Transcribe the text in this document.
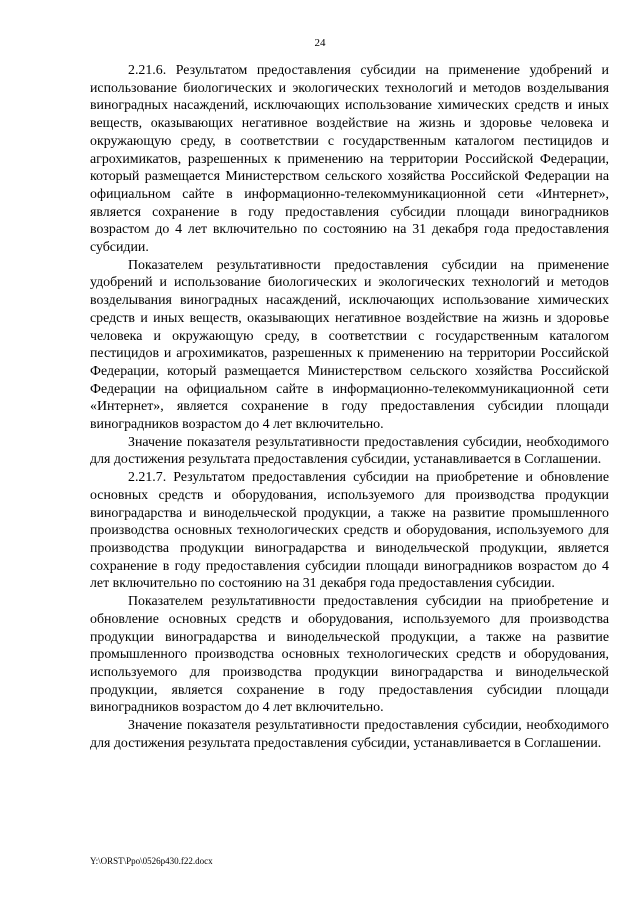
24

2.21.6. Результатом предоставления субсидии на применение удобрений и использование биологических и экологических технологий и методов возделывания виноградных насаждений, исключающих использование химических средств и иных веществ, оказывающих негативное воздействие на жизнь и здоровье человека и окружающую среду, в соответствии с государственным каталогом пестицидов и агрохимикатов, разрешенных к применению на территории Российской Федерации, который размещается Министерством сельского хозяйства Российской Федерации на официальном сайте в информационно-телекоммуникационной сети «Интернет», является сохранение в году предоставления субсидии площади виноградников возрастом до 4 лет включительно по состоянию на 31 декабря года предоставления субсидии.

Показателем результативности предоставления субсидии на применение удобрений и использование биологических и экологических технологий и методов возделывания виноградных насаждений, исключающих использование химических средств и иных веществ, оказывающих негативное воздействие на жизнь и здоровье человека и окружающую среду, в соответствии с государственным каталогом пестицидов и агрохимикатов, разрешенных к применению на территории Российской Федерации, который размещается Министерством сельского хозяйства Российской Федерации на официальном сайте в информационно-телекоммуникационной сети «Интернет», является сохранение в году предоставления субсидии площади виноградников возрастом до 4 лет включительно.

Значение показателя результативности предоставления субсидии, необходимого для достижения результата предоставления субсидии, устанавливается в Соглашении.

2.21.7. Результатом предоставления субсидии на приобретение и обновление основных средств и оборудования, используемого для производства продукции виноградарства и винодельческой продукции, а также на развитие промышленного производства основных технологических средств и оборудования, используемого для производства продукции виноградарства и винодельческой продукции, является сохранение в году предоставления субсидии площади виноградников возрастом до 4 лет включительно по состоянию на 31 декабря года предоставления субсидии.

Показателем результативности предоставления субсидии на приобретение и обновление основных средств и оборудования, используемого для производства продукции виноградарства и винодельческой продукции, а также на развитие промышленного производства основных технологических средств и оборудования, используемого для производства продукции виноградарства и винодельческой продукции, является сохранение в году предоставления субсидии площади виноградников возрастом до 4 лет включительно.

Значение показателя результативности предоставления субсидии, необходимого для достижения результата предоставления субсидии, устанавливается в Соглашении.

Y:\ORST\Ppo\0526p430.f22.docx
